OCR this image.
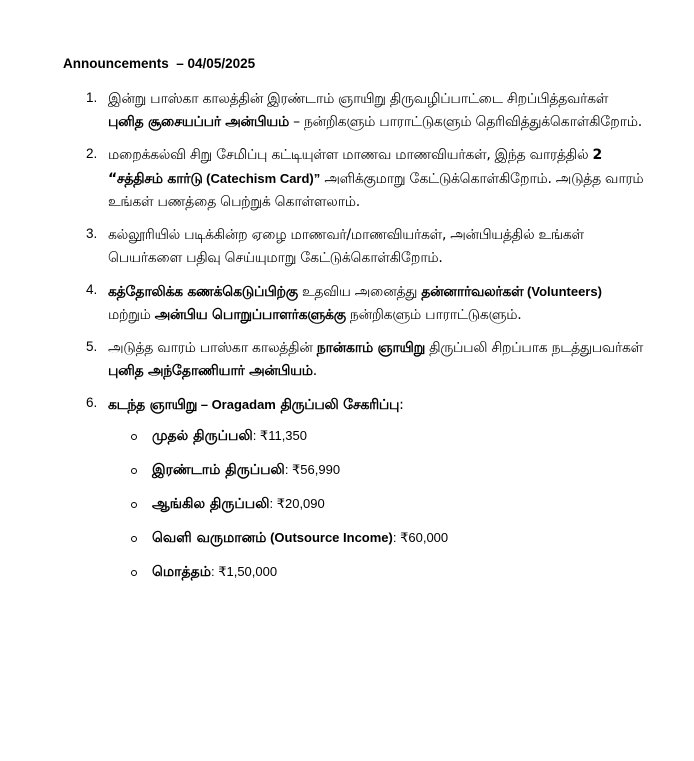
Announcements – 04/05/2025
1. இன்று பாஸ்கா காலத்தின் இரண்டாம் ஞாயிறு திருவழிப்பாட்டை சிறப்பித்தவர்கள் புனித சூசையப்பர் அன்பியம் – நன்றிகளும் பாராட்டுகளும் தெரிவித்துக்கொள்கிறோம்.
2. மறைக்கல்வி சிறு சேமிப்பு கட்டியுள்ள மாணவ மாணவியர்கள், இந்த வாரத்தில் 2 “சத்திசம் கார்டு (Catechism Card)” அளிக்குமாறு கேட்டுக்கொள்கிறோம். அடுத்த வாரம் உங்கள் பணத்தை பெற்றுக் கொள்ளலாம்.
3. கல்லூரியில் படிக்கின்ற ஏழை மாணவர்/மாணவியர்கள், அன்பியத்தில் உங்கள் பெயர்களை பதிவு செய்யுமாறு கேட்டுக்கொள்கிறோம்.
4. கத்தோலிக்க கணக்கெடுப்பிற்கு உதவிய அனைத்து தன்னார்வலர்கள் (Volunteers) மற்றும் அன்பிய பொறுப்பாளர்களுக்கு நன்றிகளும் பாராட்டுகளும்.
5. அடுத்த வாரம் பாஸ்கா காலத்தின் நான்காம் ஞாயிறு திருப்பலி சிறப்பாக நடத்துபவர்கள் புனித அந்தோணியார் அன்பியம்.
6. கடந்த ஞாயிறு – Oragadam திருப்பலி சேகரிப்பு:
முதல் திருப்பலி: ₹11,350
இரண்டாம் திருப்பலி: ₹56,990
ஆங்கில திருப்பலி: ₹20,090
வெளி வருமானம் (Outsource Income): ₹60,000
மொத்தம்: ₹1,50,000
